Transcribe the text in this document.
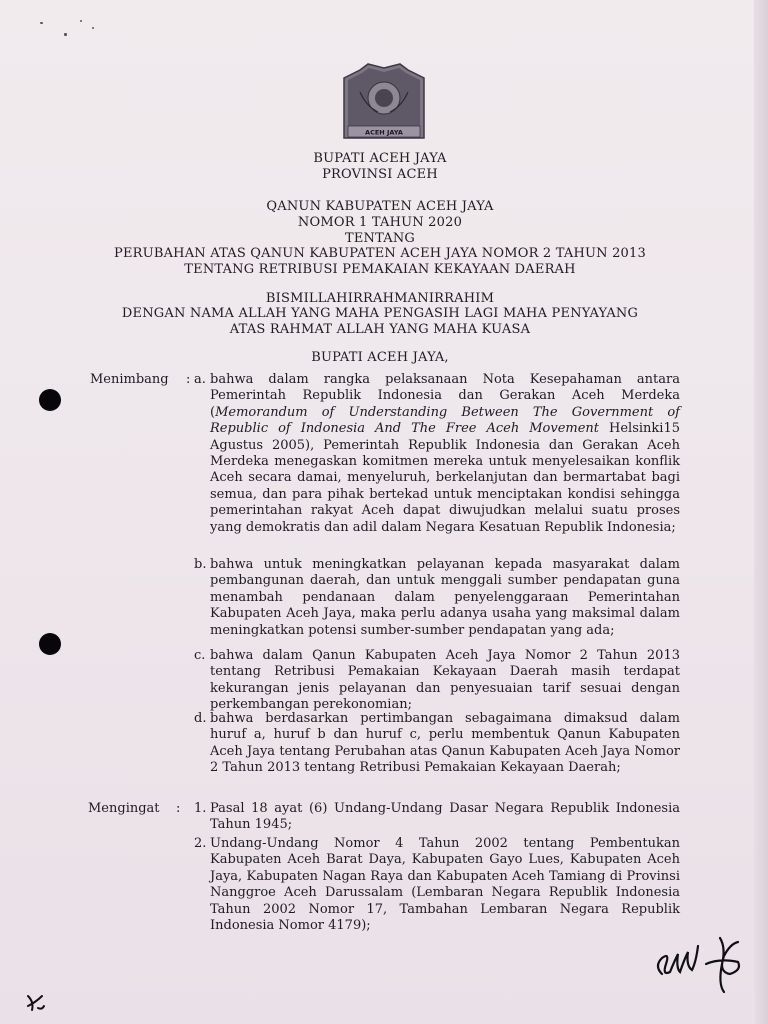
ACEH JAYA
BUPATI ACEH JAYA
PROVINSI ACEH
QANUN KABUPATEN ACEH JAYA
NOMOR 1 TAHUN 2020
TENTANG
PERUBAHAN ATAS QANUN KABUPATEN ACEH JAYA NOMOR 2 TAHUN 2013
TENTANG RETRIBUSI PEMAKAIAN KEKAYAAN DAERAH
BISMILLAHIRRAHMANIRRAHIM
DENGAN NAMA ALLAH YANG MAHA PENGASIH LAGI MAHA PENYAYANG
ATAS RAHMAT ALLAH YANG MAHA KUASA
BUPATI ACEH JAYA,
Menimbang : a. bahwa dalam rangka pelaksanaan Nota Kesepahaman antara Pemerintah Republik Indonesia dan Gerakan Aceh Merdeka (Memorandum of Understanding Between The Government of Republic of Indonesia And The Free Aceh Movement Helsinki15 Agustus 2005), Pemerintah Republik Indonesia dan Gerakan Aceh Merdeka menegaskan komitmen mereka untuk menyelesaikan konflik Aceh secara damai, menyeluruh, berkelanjutan dan bermartabat bagi semua, dan para pihak bertekad untuk menciptakan kondisi sehingga pemerintahan rakyat Aceh dapat diwujudkan melalui suatu proses yang demokratis dan adil dalam Negara Kesatuan Republik Indonesia;
b. bahwa untuk meningkatkan pelayanan kepada masyarakat dalam pembangunan daerah, dan untuk menggali sumber pendapatan guna menambah pendanaan dalam penyelenggaraan Pemerintahan Kabupaten Aceh Jaya, maka perlu adanya usaha yang maksimal dalam meningkatkan potensi sumber-sumber pendapatan yang ada;
c. bahwa dalam Qanun Kabupaten Aceh Jaya Nomor 2 Tahun 2013 tentang Retribusi Pemakaian Kekayaan Daerah masih terdapat kekurangan jenis pelayanan dan penyesuaian tarif sesuai dengan perkembangan perekonomian;
d. bahwa berdasarkan pertimbangan sebagaimana dimaksud dalam huruf a, huruf b dan huruf c, perlu membentuk Qanun Kabupaten Aceh Jaya tentang Perubahan atas Qanun Kabupaten Aceh Jaya Nomor 2 Tahun 2013 tentang Retribusi Pemakaian Kekayaan Daerah;
Mengingat : 1. Pasal 18 ayat (6) Undang-Undang Dasar Negara Republik Indonesia Tahun 1945;
2. Undang-Undang Nomor 4 Tahun 2002 tentang Pembentukan Kabupaten Aceh Barat Daya, Kabupaten Gayo Lues, Kabupaten Aceh Jaya, Kabupaten Nagan Raya dan Kabupaten Aceh Tamiang di Provinsi Nanggroe Aceh Darussalam (Lembaran Negara Republik Indonesia Tahun 2002 Nomor 17, Tambahan Lembaran Negara Republik Indonesia Nomor 4179);
